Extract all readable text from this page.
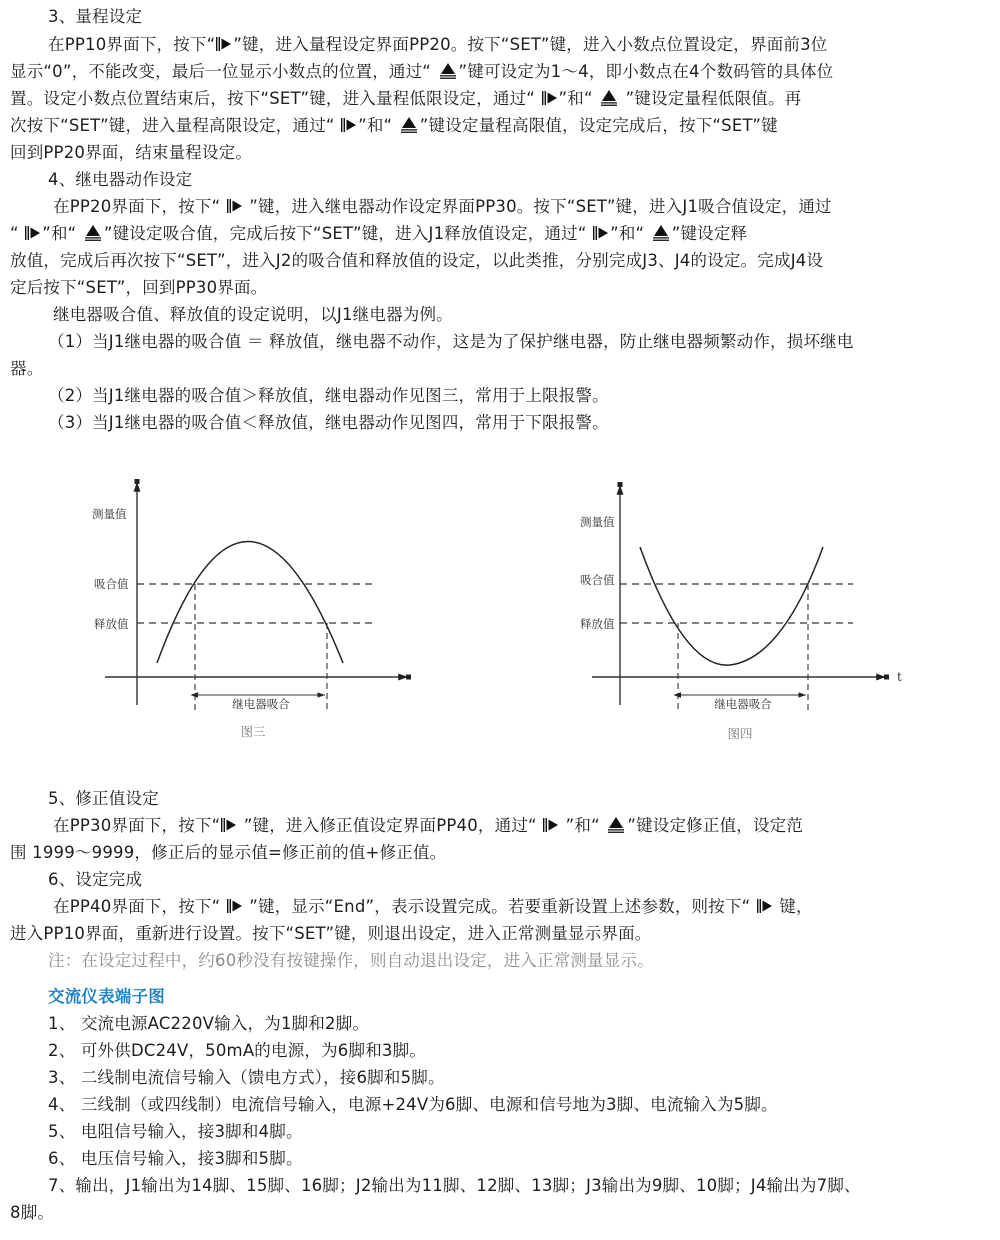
3、量程设定
在PP10界面下，按下“ ”键，进入量程设定界面PP20。按下“SET”键，进入小数点位置设定，界面前3位
显示“0”，不能改变，最后一位显示小数点的位置，通过“ ”键可设定为1～4，即小数点在4个数码管的具体位
置。设定小数点位置结束后，按下“SET”键，进入量程低限设定，通过“ ”和“  ”键设定量程低限值。再
次按下“SET”键，进入量程高限设定，通过“ ”和“ ”键设定量程高限值，设定完成后，按下“SET”键
回到PP20界面，结束量程设定。
4、继电器动作设定
在PP20界面下，按下“  ”键，进入继电器动作设定界面PP30。按下“SET”键，进入J1吸合值设定，通过
“ ”和“ ”键设定吸合值，完成后按下“SET”键，进入J1释放值设定，通过“ ”和“ ”键设定释
放值，完成后再次按下“SET”，进入J2的吸合值和释放值的设定，以此类推，分别完成J3、J4的设定。完成J4设
定后按下“SET”，回到PP30界面。
继电器吸合值、释放值的设定说明，以J1继电器为例。
（1）当J1继电器的吸合值 ＝ 释放值，继电器不动作，这是为了保护继电器，防止继电器频繁动作，损坏继电
器。
（2）当J1继电器的吸合值＞释放值，继电器动作见图三，常用于上限报警。
（3）当J1继电器的吸合值＜释放值，继电器动作见图四，常用于下限报警。
测量值
吸合值
释放值
继电器吸合
图三
t
测量值
吸合值
释放值
继电器吸合
图四
5、修正值设定
在PP30界面下，按下“ ”键，进入修正值设定界面PP40，通过“  ”和“ ”键设定修正值，设定范
围 1999～9999，修正后的显示值=修正前的值+修正值。
6、设定完成
在PP40界面下，按下“  ”键，显示“End”，表示设置完成。若要重新设置上述参数，则按下“  键，
进入PP10界面，重新进行设置。按下“SET”键，则退出设定，进入正常测量显示界面。
注：在设定过程中，约60秒没有按键操作，则自动退出设定，进入正常测量显示。
交流仪表端子图
1、 交流电源AC220V输入，为1脚和2脚。
2、 可外供DC24V，50mA的电源，为6脚和3脚。
3、 二线制电流信号输入（馈电方式），接6脚和5脚。
4、 三线制（或四线制）电流信号输入，电源+24V为6脚、电源和信号地为3脚、电流输入为5脚。
5、 电阻信号输入，接3脚和4脚。
6、 电压信号输入，接3脚和5脚。
7、输出，J1输出为14脚、15脚、16脚；J2输出为11脚、12脚、13脚；J3输出为9脚、10脚；J4输出为7脚、
8脚。
